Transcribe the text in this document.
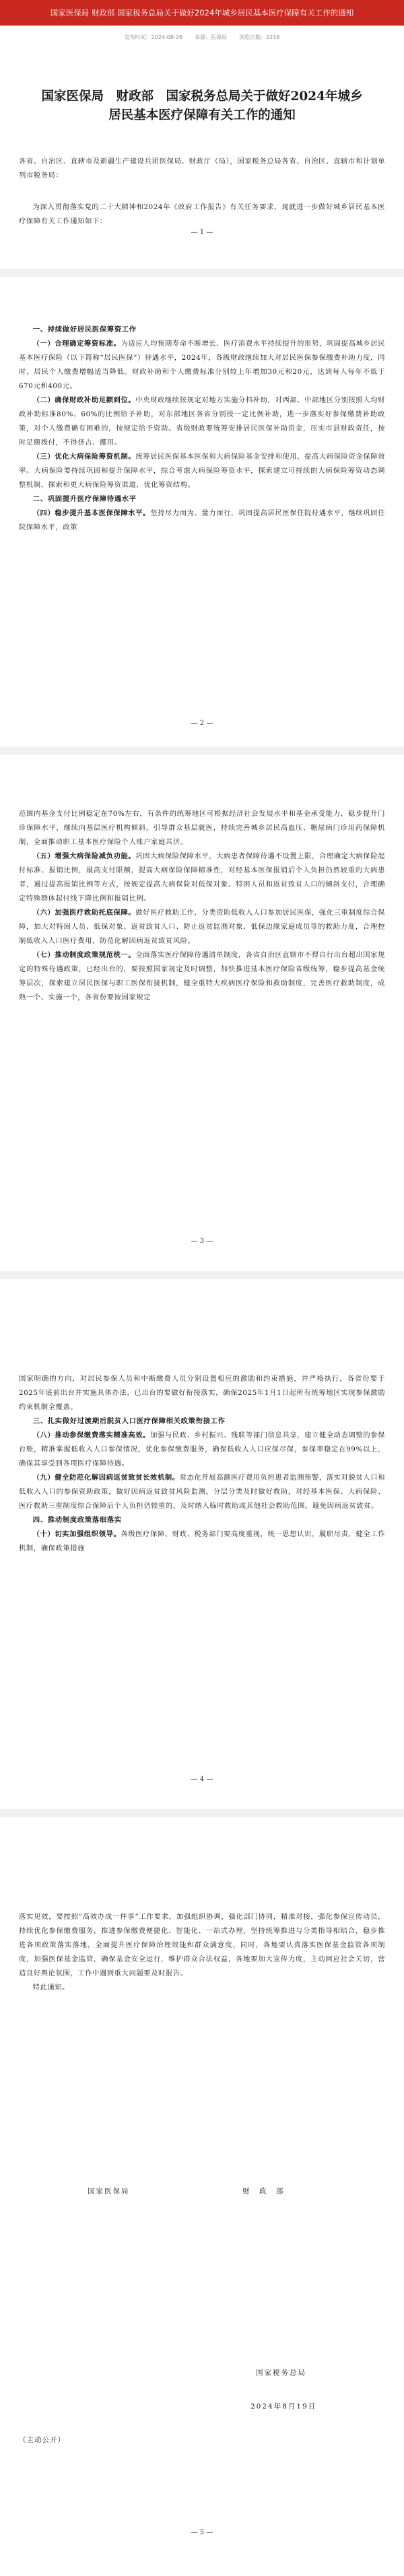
国家医保局 财政部 国家税务总局关于做好2024年城乡居民基本医疗保障有关工作的通知
发布时间：2024-08-26 来源：医保局 浏览次数：2216
国家医保局　财政部　国家税务总局关于做好2024年城乡居民基本医疗保障有关工作的通知

各省、自治区、直辖市及新疆生产建设兵团医保局、财政厅（局），国家税务总局各省、自治区、直辖市和计划单列市税务局：

为深入贯彻落实党的二十大精神和2024年《政府工作报告》有关任务要求，现就进一步做好城乡居民基本医疗保障有关工作通知如下：

— 1 —
一、持续做好居民医保筹资工作

（一）合理确定筹资标准。为适应人均预期寿命不断增长、医疗消费水平持续提升的形势，巩固提高城乡居民基本医疗保险（以下简称“居民医保”）待遇水平，2024年，各级财政继续加大对居民医保参保缴费补助力度，同时，居民个人缴费增幅适当降低。财政补助和个人缴费标准分别较上年增加30元和20元，达到每人每年不低于670元和400元。

（二）确保财政补助足额到位。中央财政继续按规定对地方实施分档补助，对西部、中部地区分别按照人均财政补助标准80%、60%的比例给予补助，对东部地区各省分别按一定比例补助，进一步落实好参保缴费补助政策，对个人缴费确有困难的，按规定给予资助。省级财政要统筹安排居民医保补助资金，压实市县财政责任，按时足额拨付，不得挤占、挪用。

（三）优化大病保险筹资机制。统筹居民医保基本医保和大病保险基金安排和使用，提高大病保险资金保障效率。大病保险要持续巩固和提升保障水平，综合考虑大病保险筹资水平，探索建立可持续的大病保险筹资动态调整机制，探索和更大病保险筹资渠道，优化筹资结构。

二、巩固提升医疗保障待遇水平

（四）稳步提升基本医保保障水平。坚持尽力而为、量力而行，巩固提高居民医保住院待遇水平，继续巩固住院保障水平，政策

— 2 —

范围内基金支付比例稳定在70%左右，有条件的统筹地区可根据经济社会发展水平和基金承受能力，稳步提升门诊保障水平，继续向基层医疗机构倾斜，引导群众基层就医，持续完善城乡居民高血压、糖尿病门诊用药保障机制，全面推动职工基本医疗保险个人账户家庭共济。

（五）增强大病保险减负功能。巩固大病保险保障水平，大病患者保障待遇不设置上限，合理确定大病保险起付标准、报销比例，最高支付限额，提高大病保险保障精准性，对经基本医保报销后个人负担仍然较重的大病患者，通过提高报销比例等方式，按规定提高大病保险对低保对象、特困人员和返贫致贫人口的倾斜支付，合理确定特殊群体起付线下降比例和报销比例。

（六）加强医疗救助托底保障。做好医疗救助工作，分类资助低收入人口参加居民医保，强化三重制度综合保障，加大对特困人员、低保对象、返贫致贫人口、防止返贫监测对象、低保边缘家庭成员等的救助力度，合理控制低收入人口医疗费用，防范化解因病返贫致贫风险。

（七）推动制度政策规范统一。全面落实医疗保障待遇清单制度，各省自治区直辖市不得自行出台超出国家规定的特殊待遇政策，已经出台的，要按照国家规定及时调整，加快推进基本医疗保险省级统筹，稳步提高基金统筹层次，探索建立居民医保与职工医保衔接机制，健全重特大疾病医疗保险和救助制度，完善医疗救助制度，成熟一个、实施一个，各省份要按国家规定

— 3 —

国家明确的方向，对居民参保人员和中断缴费人员分别设置相应的激励和约束措施，并严格执行，各省份要于2025年底前出台并实施具体办法，已出台的要做好衔接落实，确保2025年1月1日起所有统筹地区实现参保激励约束机制全覆盖。

三、扎实做好过渡期后脱贫人口医疗保障相关政策衔接工作

（八）推动参保缴费落实精准高效。加强与民政、乡村振兴、残联等部门信息共享，建立健全动态调整的参保台账，精准掌握低收入人口参保情况，优化参保缴费服务，确保低收入人口应保尽保，参保率稳定在99%以上，确保其享受到各项医疗保障待遇。

（九）健全防范化解因病返贫致贫长效机制。常态化开展高额医疗费用负担患者监测预警，落实对脱贫人口和低收入人口的参保资助政策，做好因病返贫致贫风险监测，分层分类及时做好救助，对经基本医保、大病保险、医疗救助三重制度综合保障后个人负担仍较重的，及时纳入临时救助或其他社会救助范围，避免因病返贫致贫。

四、推动制度政策落细落实

（十）切实加强组织领导。各级医疗保障、财政、税务部门要高度重视，统一思想认识，履职尽责，健全工作机制，确保政策措施

— 4 —

落实见效，要按照“高效办成一件事”工作要求，加强组织协调，强化部门协同，精准对接，强化参保宣传动员，持续优化参保缴费服务，推进参保缴费便捷化、智能化、一站式办理，坚持统筹推进与分类指导相结合，稳步推进各项政策落实落地，全面提升医疗保障治理效能和群众满意度，同时，各地要认真落实医保基金监管各项制度，加强医保基金监管，确保基金安全运行，维护群众合法权益，各地要加大宣传力度，主动回应社会关切，营造良好舆论氛围，工作中遇到重大问题要及时报告。

特此通知。

国家医保局	财　政　部
国家税务总局
2024年8月19日
（主动公开）
— 5 —
